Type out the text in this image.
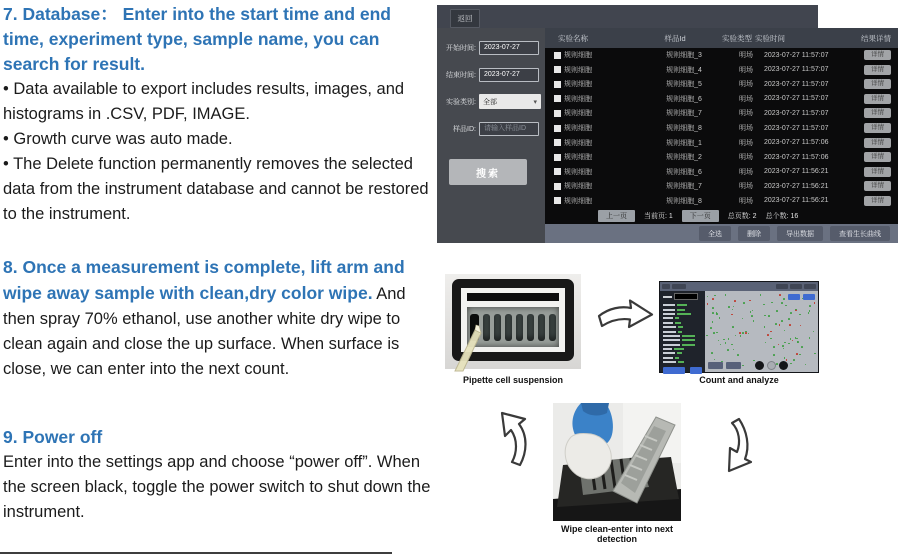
7. Database： Enter into the start time and end time, experiment type, sample name, you can search for result.

• Data available to export includes results, images, and histograms in .CSV, PDF, IMAGE.

• Growth curve was auto made.

• The Delete function permanently removes the selected data from the instrument database and cannot be restored to the instrument.

8. Once a measurement is complete, lift arm and wipe away sample with clean,dry color wipe. And then spray 70% ethanol, use another white dry wipe to clean again and close the up surface. When surface is close, we can enter into the next count.

9. Power off

Enter into the settings app and choose “power off”. When the screen black, toggle the power switch to shut down the instrument.

返回
开始时间:
2023-07-27
结束时间:
2023-07-27
实验类别: 全部	▾
样品ID:
请输入样品ID
搜索
实验名称	样品Id	实验类型 实验时间	结果详情
规则细胞	规则细胞_3	明场	2023-07-27 11:57:07	详情
规则细胞	规则细胞_4	明场	2023-07-27 11:57:07	详情
规则细胞	规则细胞_5	明场	2023-07-27 11:57:07	详情
规则细胞	规则细胞_6	明场	2023-07-27 11:57:07	详情
规则细胞	规则细胞_7	明场	2023-07-27 11:57:07	详情
规则细胞	规则细胞_8	明场	2023-07-27 11:57:07	详情
规则细胞	规则细胞_1	明场	2023-07-27 11:57:06	详情
规则细胞	规则细胞_2	明场	2023-07-27 11:57:06	详情
规则细胞	规则细胞_6	明场	2023-07-27 11:56:21	详情
规则细胞	规则细胞_7	明场	2023-07-27 11:56:21	详情
规则细胞	规则细胞_8	明场	2023-07-27 11:56:21	详情
上一页	当前页: 1	下一页	总页数: 2 总个数: 16
全选	删除	导出数据	查看生长曲线
Pipette cell suspension	Count and analyze
Wipe clean-enter into next detection
